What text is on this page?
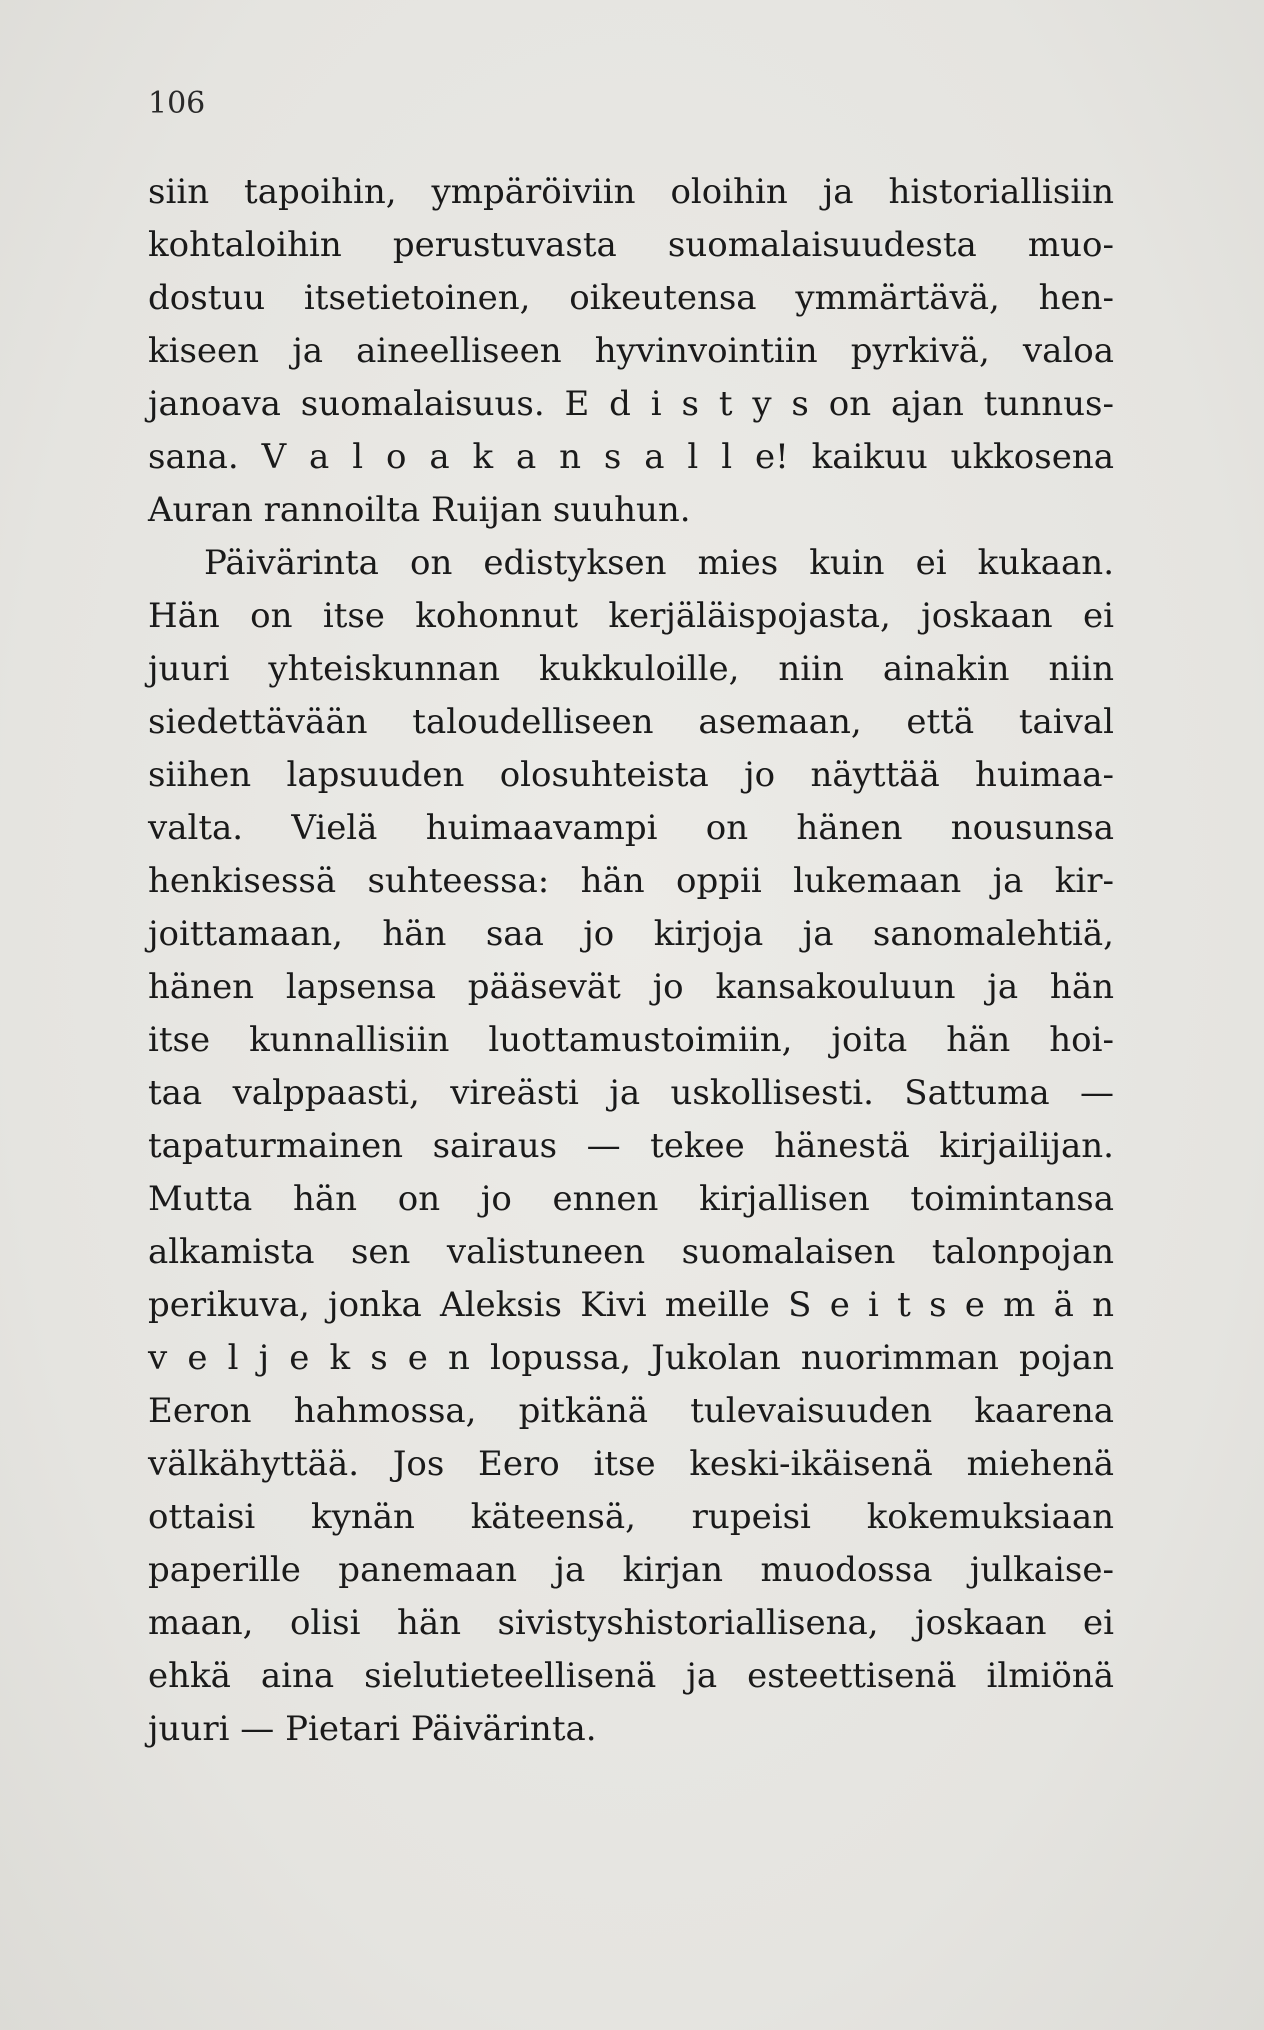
106
siin tapoihin, ympäröiviin oloihin ja historiallisiin
kohtaloihin perustuvasta suomalaisuudesta muo-
dostuu itsetietoinen, oikeutensa ymmärtävä, hen-
kiseen ja aineelliseen hyvinvointiin pyrkivä, valoa
janoava suomalaisuus. E d i s t y s on ajan tunnus-
sana. V a l o a k a n s a l l e! kaikuu ukkosena
Auran rannoilta Ruijan suuhun.
Päivärinta on edistyksen mies kuin ei kukaan.
Hän on itse kohonnut kerjäläispojasta, joskaan ei
juuri yhteiskunnan kukkuloille, niin ainakin niin
siedettävään taloudelliseen asemaan, että taival
siihen lapsuuden olosuhteista jo näyttää huimaa-
valta. Vielä huimaavampi on hänen nousunsa
henkisessä suhteessa: hän oppii lukemaan ja kir-
joittamaan, hän saa jo kirjoja ja sanomalehtiä,
hänen lapsensa pääsevät jo kansakouluun ja hän
itse kunnallisiin luottamustoimiin, joita hän hoi-
taa valppaasti, vireästi ja uskollisesti. Sattuma —
tapaturmainen sairaus — tekee hänestä kirjailijan.
Mutta hän on jo ennen kirjallisen toimintansa
alkamista sen valistuneen suomalaisen talonpojan
perikuva, jonka Aleksis Kivi meille S e i t s e m ä n
v e l j e k s e n lopussa, Jukolan nuorimman pojan
Eeron hahmossa, pitkänä tulevaisuuden kaarena
välkähyttää. Jos Eero itse keski-ikäisenä miehenä
ottaisi kynän käteensä, rupeisi kokemuksiaan
paperille panemaan ja kirjan muodossa julkaise-
maan, olisi hän sivistyshistoriallisena, joskaan ei
ehkä aina sielutieteellisenä ja esteettisenä ilmiönä
juuri — Pietari Päivärinta.
